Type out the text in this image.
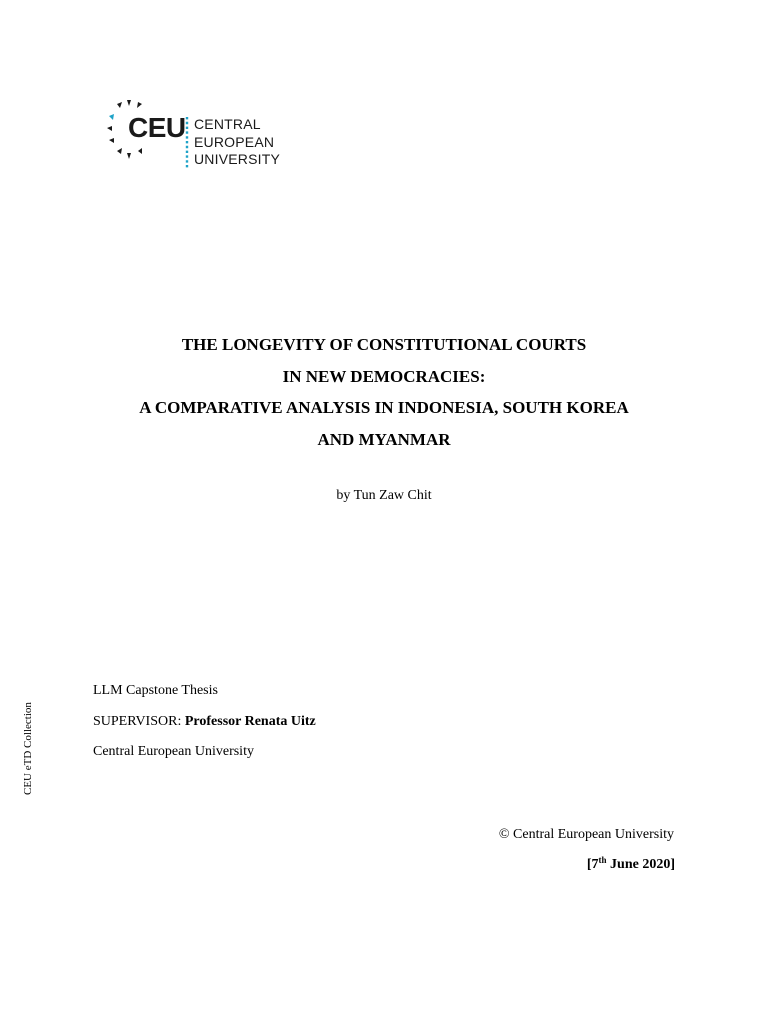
CEU CENTRAL
EUROPEAN
UNIVERSITY
THE LONGEVITY OF CONSTITUTIONAL COURTS
IN NEW DEMOCRACIES:
A COMPARATIVE ANALYSIS IN INDONESIA, SOUTH KOREA
AND MYANMAR
by Tun Zaw Chit
LLM Capstone Thesis
SUPERVISOR: Professor Renata Uitz
Central European University
CEU eTD Collection
© Central European University
[7th June 2020]
